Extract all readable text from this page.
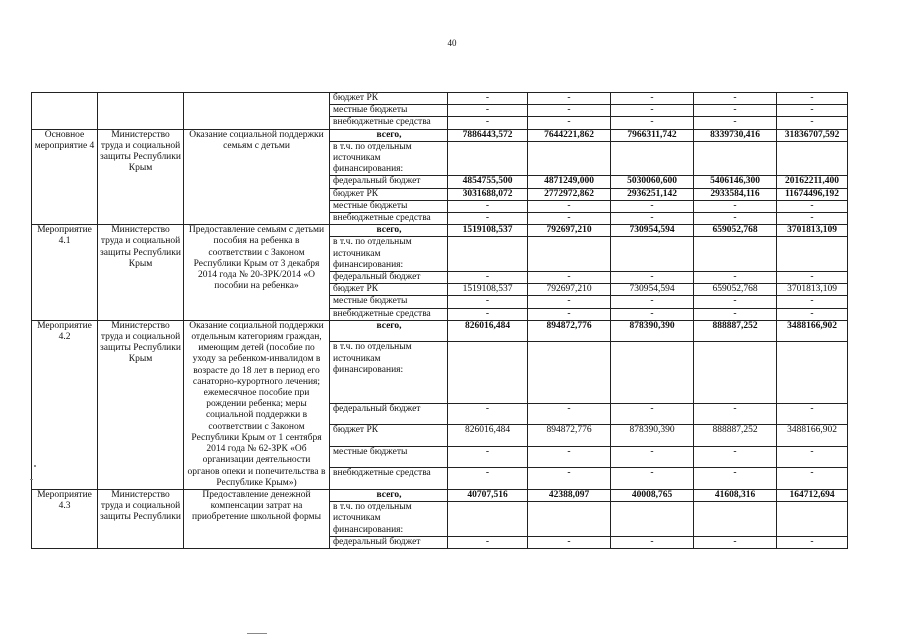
40
			бюджет РК	-	-	-	-	-
			местные бюджеты	-	-	-	-	-
			внебюджетные средства	-	-	-	-	-
Основное мероприятие 4	Министерство труда и социальной защиты Республики Крым	Оказание социальной поддержки семьям с детьми	всего,	7886443,572	7644221,862	7966311,742	8339730,416	31836707,592
			в т.ч. по отдельным источникам финансирования:					
			федеральный бюджет	4854755,500	4871249,000	5030060,600	5406146,300	20162211,400
			бюджет РК	3031688,072	2772972,862	2936251,142	2933584,116	11674496,192
			местные бюджеты	-	-	-	-	-
			внебюджетные средства	-	-	-	-	-
Мероприятие 4.1	Министерство труда и социальной защиты Республики Крым	Предоставление семьям с детьми пособия на ребенка в соответствии с Законом Республики Крым от 3 декабря 2014 года № 20-ЗРК/2014 «О пособии на ребенка»	всего,	1519108,537	792697,210	730954,594	659052,768	3701813,109
			в т.ч. по отдельным источникам финансирования:					
			федеральный бюджет	-	-	-	-	-
			бюджет РК	1519108,537	792697,210	730954,594	659052,768	3701813,109
			местные бюджеты	-	-	-	-	-
			внебюджетные средства	-	-	-	-	-
Мероприятие 4.2	Министерство труда и социальной защиты Республики Крым	Оказание социальной поддержки отдельным категориям граждан, имеющим детей (пособие по уходу за ребенком-инвалидом в возрасте до 18 лет в период его санаторно-курортного лечения; ежемесячное пособие при рождении ребенка; меры социальной поддержки в соответствии с Законом Республики Крым от 1 сентября 2014 года № 62-ЗРК «Об организации деятельности органов опеки и попечительства в Республике Крым»)	всего,	826016,484	894872,776	878390,390	888887,252	3488166,902
			в т.ч. по отдельным источникам финансирования:					
			федеральный бюджет	-	-	-	-	-
			бюджет РК	826016,484	894872,776	878390,390	888887,252	3488166,902
			местные бюджеты	-	-	-	-	-
			внебюджетные средства	-	-	-	-	-
Мероприятие 4.3	Министерство труда и социальной защиты Республики	Предоставление денежной компенсации затрат на приобретение школьной формы	всего,	40707,516	42388,097	40008,765	41608,316	164712,694
			в т.ч. по отдельным источникам финансирования:					
			федеральный бюджет	-	-	-	-	-
